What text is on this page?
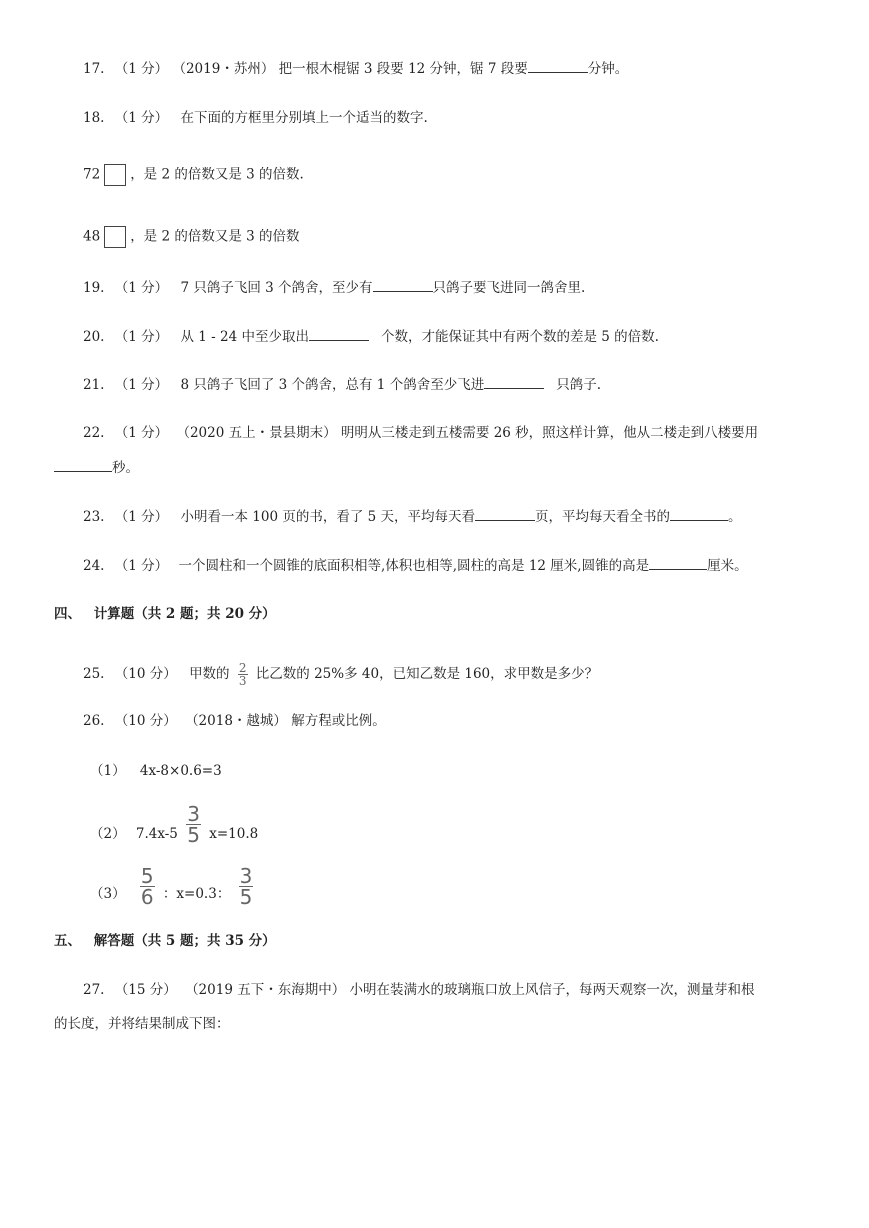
17. （1 分） （2019・苏州） 把一根木棍锯 3 段要 12 分钟，锯 7 段要	分钟。
18. （1 分） 在下面的方框里分别填上一个适当的数字.
72 ，是 2 的倍数又是 3 的倍数.
48 ，是 2 的倍数又是 3 的倍数
19. （1 分） 7 只鸽子飞回 3 个鸽舍，至少有	只鸽子要飞进同一鸽舍里.
20. （1 分） 从 1 - 24 中至少取出	个数，才能保证其中有两个数的差是 5 的倍数.
21. （1 分） 8 只鸽子飞回了 3 个鸽舍，总有 1 个鸽舍至少飞进	只鸽子.
22. （1 分） （2020 五上・景县期末） 明明从三楼走到五楼需要 26 秒，照这样计算，他从二楼走到八楼要用
秒。
23. （1 分） 小明看一本 100 页的书，看了 5 天，平均每天看	页，平均每天看全书的	。
24. （1 分） 一个圆柱和一个圆锥的底面积相等,体积也相等,圆柱的高是 12 厘米,圆锥的高是	厘米。
四、 计算题（共 2 题；共 20 分）
25. （10 分） 甲数的 $\frac{2}{3}$ 比乙数的 25%多 40，已知乙数是 160，求甲数是多少？
26. （10 分） （2018・越城） 解方程或比例。
（1） 4x-8×0.6=3
（2） $7.4x-5 \frac{3}{5} x=10.8$
$(3) \frac{5}{6}$ ：x=0.3： $\frac{3}{5}$
五、 解答题（共 5 题；共 35 分）
27. （15 分） （2019 五下・东海期中） 小明在装满水的玻璃瓶口放上风信子，每两天观察一次，测量芽和根
的长度，并将结果制成下图：
